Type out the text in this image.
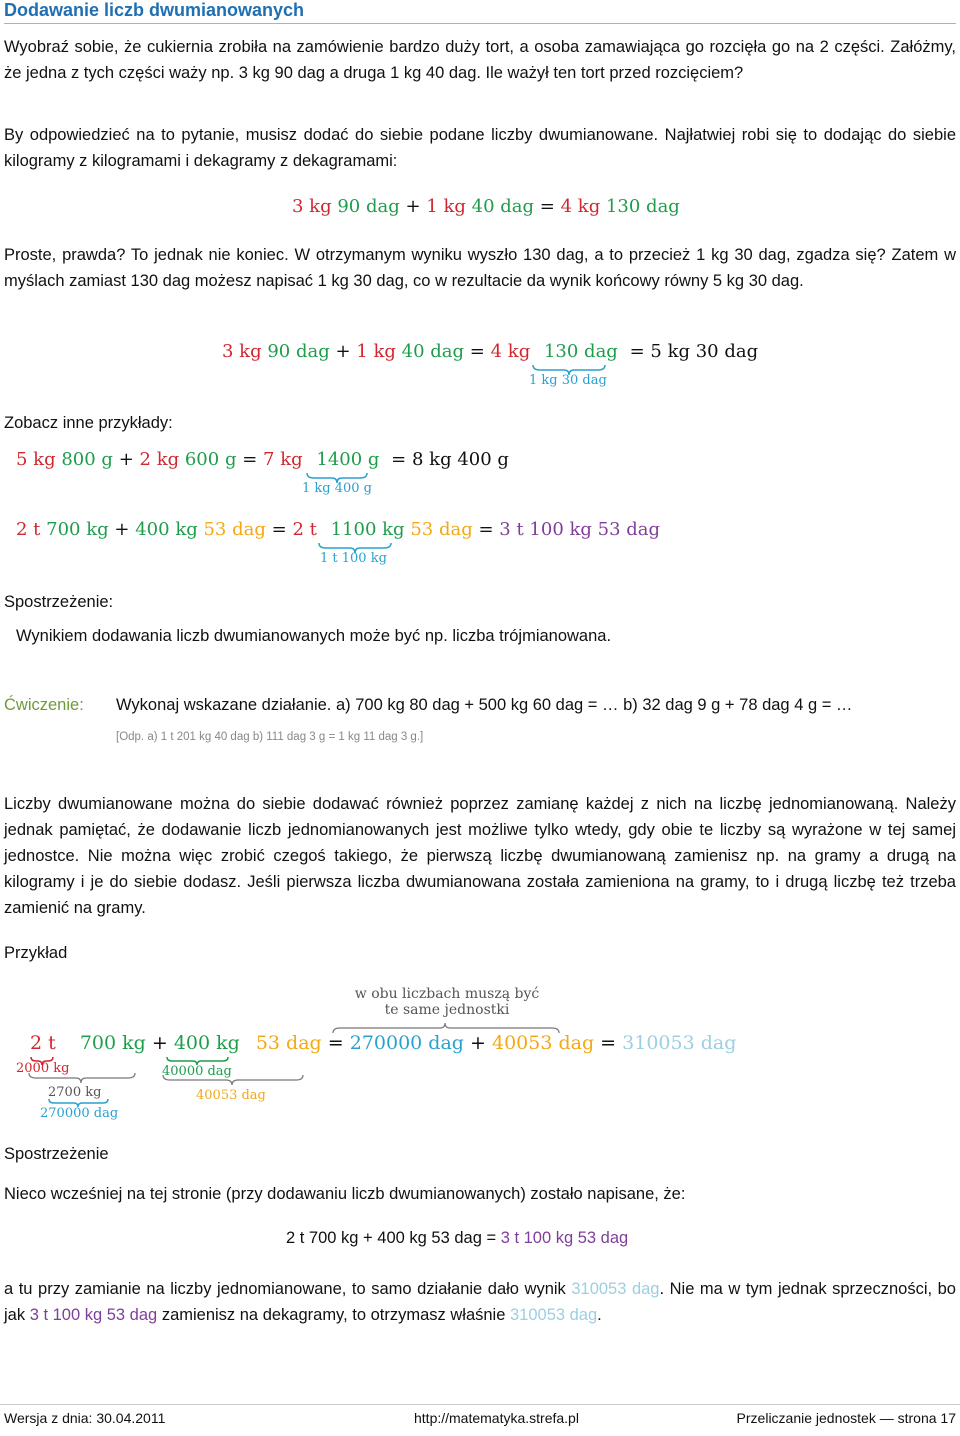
Dodawanie liczb dwumianowanych
Wyobraź sobie, że cukiernia zrobiła na zamówienie bardzo duży tort, a osoba zamawiająca go rozcięła go na 2 części. Załóżmy, że jedna z tych części waży np. 3 kg 90 dag a druga 1 kg 40 dag. Ile ważył ten tort przed rozcięciem?
By odpowiedzieć na to pytanie, musisz dodać do siebie podane liczby dwumianowane. Najłatwiej robi się to dodając do siebie kilogramy z kilogramami i dekagramy z dekagramami:
3 kg 90 dag + 1 kg 40 dag = 4 kg 130 dag
Proste, prawda? To jednak nie koniec. W otrzymanym wyniku wyszło 130 dag, a to przecież 1 kg 30 dag, zgadza się? Zatem w myślach zamiast 130 dag możesz napisać 1 kg 30 dag, co w rezultacie da wynik końcowy równy 5 kg 30 dag.
3 kg 90 dag + 1 kg 40 dag = 4 kg 130 dag = 5 kg 30 dag
1 kg 30 dag
Zobacz inne przykłady:
5 kg 800 g + 2 kg 600 g = 7 kg 1400 g = 8 kg 400 g
1 kg 400 g
2 t 700 kg + 400 kg 53 dag = 2 t 1100 kg 53 dag = 3 t 100 kg 53 dag
1 t 100 kg
Spostrzeżenie:
Wynikiem dodawania liczb dwumianowanych może być np. liczba trójmianowana.
Ćwiczenie: Wykonaj wskazane działanie. a) 700 kg 80 dag + 500 kg 60 dag = … b) 32 dag 9 g + 78 dag 4 g = …
[Odp. a) 1 t 201 kg 40 dag b) 111 dag 3 g = 1 kg 11 dag 3 g.]
Liczby dwumianowane można do siebie dodawać również poprzez zamianę każdej z nich na liczbę jednomianowaną. Należy jednak pamiętać, że dodawanie liczb jednomianowanych jest możliwe tylko wtedy, gdy obie te liczby są wyrażone w tej samej jednostce. Nie można więc zrobić czegoś takiego, że pierwszą liczbę dwumianowaną zamienisz np. na gramy a drugą na kilogramy i je do siebie dodasz. Jeśli pierwsza liczba dwumianowana została zamieniona na gramy, to i drugą liczbę też trzeba zamienić na gramy.
Przykład
w obu liczbach muszą być
te same jednostki
2 t 700 kg + 400 kg 53 dag = 270000 dag + 40053 dag = 310053 dag
2000 kg
2700 kg
270000 dag
40000 dag
40053 dag
Spostrzeżenie
Nieco wcześniej na tej stronie (przy dodawaniu liczb dwumianowanych) zostało napisane, że:
2 t 700 kg + 400 kg 53 dag = 3 t 100 kg 53 dag
a tu przy zamianie na liczby jednomianowane, to samo działanie dało wynik 310053 dag. Nie ma w tym jednak sprzeczności, bo jak 3 t 100 kg 53 dag zamienisz na dekagramy, to otrzymasz właśnie 310053 dag.
Wersja z dnia: 30.04.2011	http://matematyka.strefa.pl	Przeliczanie jednostek — strona 17
